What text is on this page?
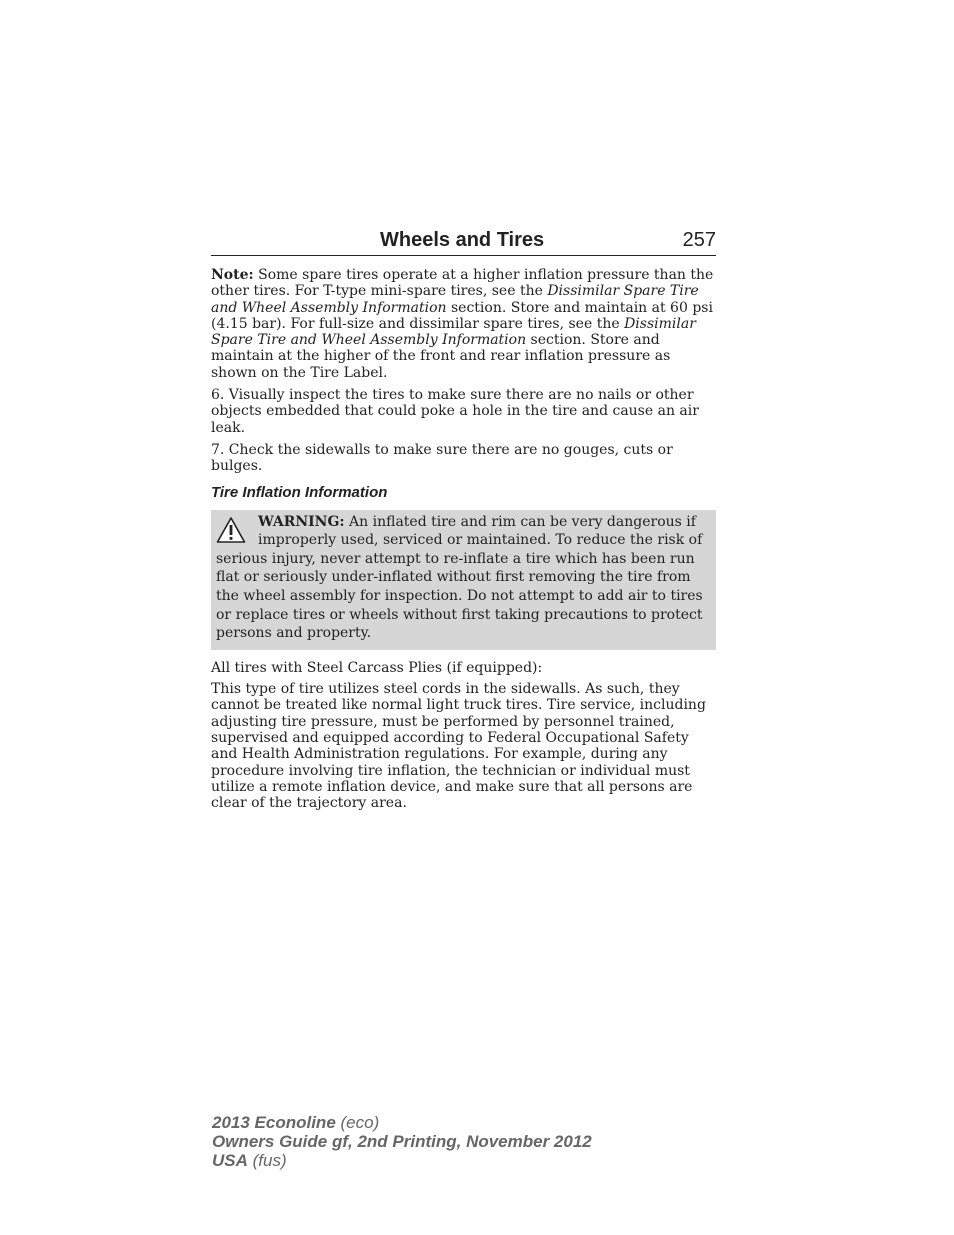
Wheels and Tires	257

Note: Some spare tires operate at a higher inflation pressure than the other tires. For T-type mini-spare tires, see the Dissimilar Spare Tire and Wheel Assembly Information section. Store and maintain at 60 psi (4.15 bar). For full-size and dissimilar spare tires, see the Dissimilar Spare Tire and Wheel Assembly Information section. Store and maintain at the higher of the front and rear inflation pressure as shown on the Tire Label.

6. Visually inspect the tires to make sure there are no nails or other objects embedded that could poke a hole in the tire and cause an air leak.

7. Check the sidewalls to make sure there are no gouges, cuts or bulges.

Tire Inflation Information
WARNING: An inflated tire and rim can be very dangerous if
improperly used, serviced or maintained. To reduce the risk of
serious injury, never attempt to re-inflate a tire which has been run flat or seriously under-inflated without first removing the tire from the wheel assembly for inspection. Do not attempt to add air to tires or replace tires or wheels without first taking precautions to protect persons and property.

All tires with Steel Carcass Plies (if equipped):

This type of tire utilizes steel cords in the sidewalls. As such, they cannot be treated like normal light truck tires. Tire service, including adjusting tire pressure, must be performed by personnel trained, supervised and equipped according to Federal Occupational Safety and Health Administration regulations. For example, during any procedure involving tire inflation, the technician or individual must utilize a remote inflation device, and make sure that all persons are clear of the trajectory area.

2013 Econoline (eco)
Owners Guide gf, 2nd Printing, November 2012
USA (fus)
